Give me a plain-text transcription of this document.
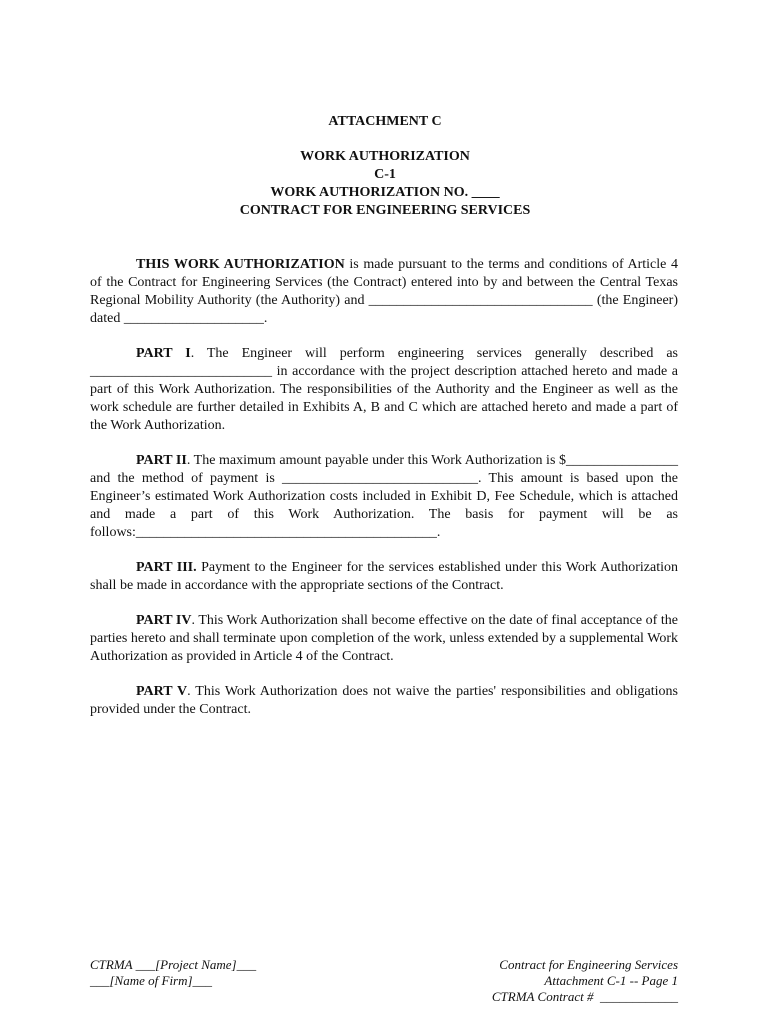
ATTACHMENT C
WORK AUTHORIZATION
C-1
WORK AUTHORIZATION NO. ____
CONTRACT FOR ENGINEERING SERVICES

THIS WORK AUTHORIZATION is made pursuant to the terms and conditions of Article 4 of the Contract for Engineering Services (the Contract) entered into by and between the Central Texas Regional Mobility Authority (the Authority) and ________________________________ (the Engineer) dated ____________________.

PART I. The Engineer will perform engineering services generally described as __________________________ in accordance with the project description attached hereto and made a part of this Work Authorization. The responsibilities of the Authority and the Engineer as well as the work schedule are further detailed in Exhibits A, B and C which are attached hereto and made a part of the Work Authorization.

PART II. The maximum amount payable under this Work Authorization is $________________ and the method of payment is ____________________________. This amount is based upon the Engineer’s estimated Work Authorization costs included in Exhibit D, Fee Schedule, which is attached and made a part of this Work Authorization. The basis for payment will be as follows:___________________________________________.

PART III. Payment to the Engineer for the services established under this Work Authorization shall be made in accordance with the appropriate sections of the Contract.

PART IV. This Work Authorization shall become effective on the date of final acceptance of the parties hereto and shall terminate upon completion of the work, unless extended by a supplemental Work Authorization as provided in Article 4 of the Contract.

PART V. This Work Authorization does not waive the parties' responsibilities and obligations provided under the Contract.

CTRMA ___[Project Name]___
___[Name of Firm]___
Contract for Engineering Services
Attachment C-1 -- Page 1
CTRMA Contract #  ____________
